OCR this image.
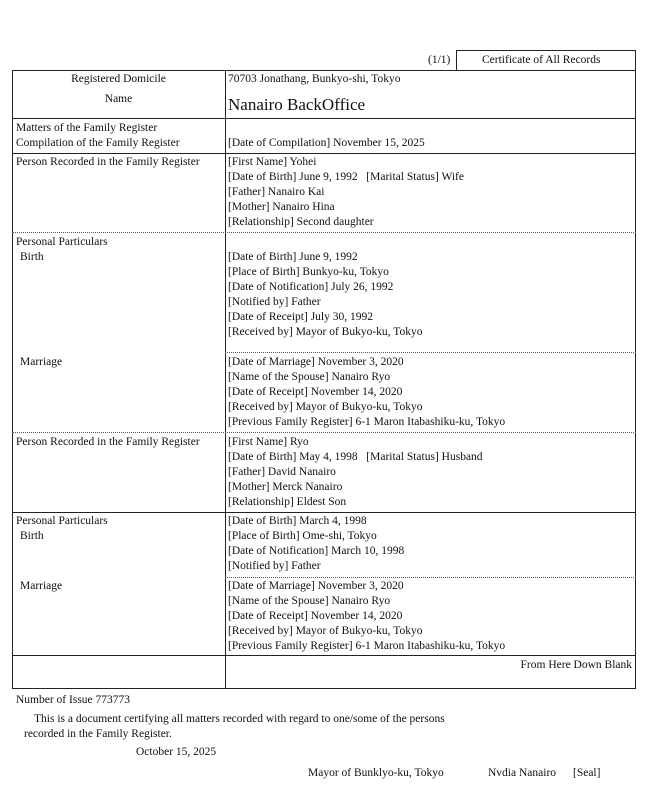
(1/1)	Certificate of All Records
Registered Domicile	70703 Jonathang, Bunkyo-shi, Tokyo
Name	Nanairo BackOffice
Matters of the Family Register
Compilation of the Family Register	[Date of Compilation] November 15, 2025
Person Recorded in the Family Register [First Name] Yohei
[Date of Birth] June 9, 1992   [Marital Status] Wife
[Father] Nanairo Kai
[Mother] Nanairo Hina
[Relationship] Second daughter
Personal Particulars
Birth	[Date of Birth] June 9, 1992
[Place of Birth] Bunkyo-ku, Tokyo
[Date of Notification] July 26, 1992
[Notified by] Father
[Date of Receipt] July 30, 1992
[Received by] Mayor of Bukyo-ku, Tokyo
Marriage	[Date of Marriage] November 3, 2020
[Name of the Spouse] Nanairo Ryo
[Date of Receipt] November 14, 2020
[Received by] Mayor of Bukyo-ku, Tokyo
[Previous Family Register] 6-1 Maron Itabashiku-ku, Tokyo
Person Recorded in the Family Register [First Name] Ryo
[Date of Birth] May 4, 1998   [Marital Status] Husband
[Father] David Nanairo
[Mother] Merck Nanairo
[Relationship] Eldest Son
Personal Particulars
Birth
[Date of Birth] March 4, 1998
[Place of Birth] Ome-shi, Tokyo
[Date of Notification] March 10, 1998
[Notified by] Father
Marriage	[Date of Marriage] November 3, 2020
[Name of the Spouse] Nanairo Ryo
[Date of Receipt] November 14, 2020
[Received by] Mayor of Bukyo-ku, Tokyo
[Previous Family Register] 6-1 Maron Itabashiku-ku, Tokyo
From Here Down Blank
Number of Issue 773773
This is a document certifying all matters recorded with regard to one/some of the persons
recorded in the Family Register.
October 15, 2025
Mayor of Bunklyo-ku, Tokyo	Nvdia Nanairo [Seal]
